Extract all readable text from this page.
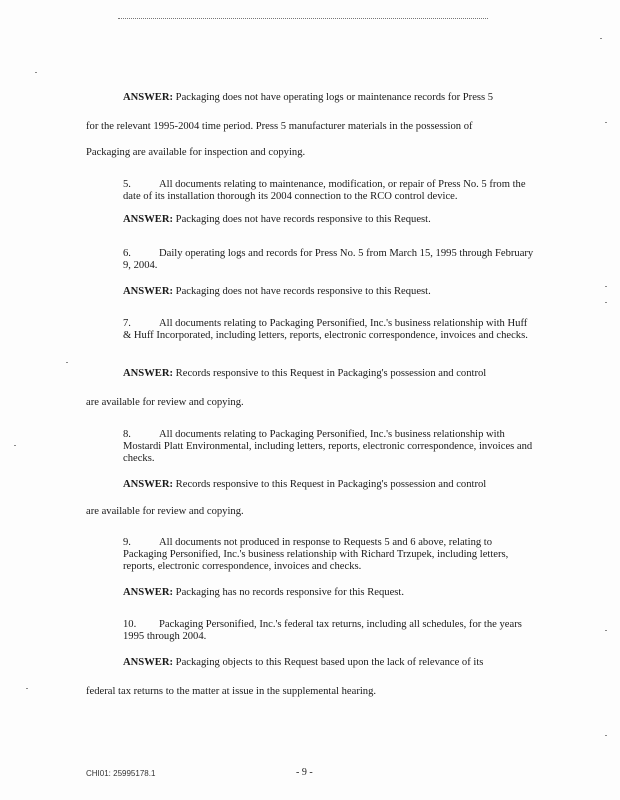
ANSWER: Packaging does not have operating logs or maintenance records for Press 5
for the relevant 1995-2004 time period. Press 5 manufacturer materials in the possession of
Packaging are available for inspection and copying.
5.	All documents relating to maintenance, modification, or repair of Press No. 5 from the date of its installation thorough its 2004 connection to the RCO control device.
ANSWER: Packaging does not have records responsive to this Request.
6.	Daily operating logs and records for Press No. 5 from March 15, 1995 through February 9, 2004.
ANSWER: Packaging does not have records responsive to this Request.
7.	All documents relating to Packaging Personified, Inc.'s business relationship with Huff & Huff Incorporated, including letters, reports, electronic correspondence, invoices and checks.
ANSWER: Records responsive to this Request in Packaging's possession and control
are available for review and copying.
8.	All documents relating to Packaging Personified, Inc.'s business relationship with Mostardi Platt Environmental, including letters, reports, electronic correspondence, invoices and checks.
ANSWER: Records responsive to this Request in Packaging's possession and control
are available for review and copying.
9.	All documents not produced in response to Requests 5 and 6 above, relating to Packaging Personified, Inc.'s business relationship with Richard Trzupek, including letters, reports, electronic correspondence, invoices and checks.
ANSWER: Packaging has no records responsive for this Request.
10. Packaging Personified, Inc.'s federal tax returns, including all schedules, for the years 1995 through 2004.
ANSWER: Packaging objects to this Request based upon the lack of relevance of its
federal tax returns to the matter at issue in the supplemental hearing.
CHI01: 25995178.1	- 9 -
